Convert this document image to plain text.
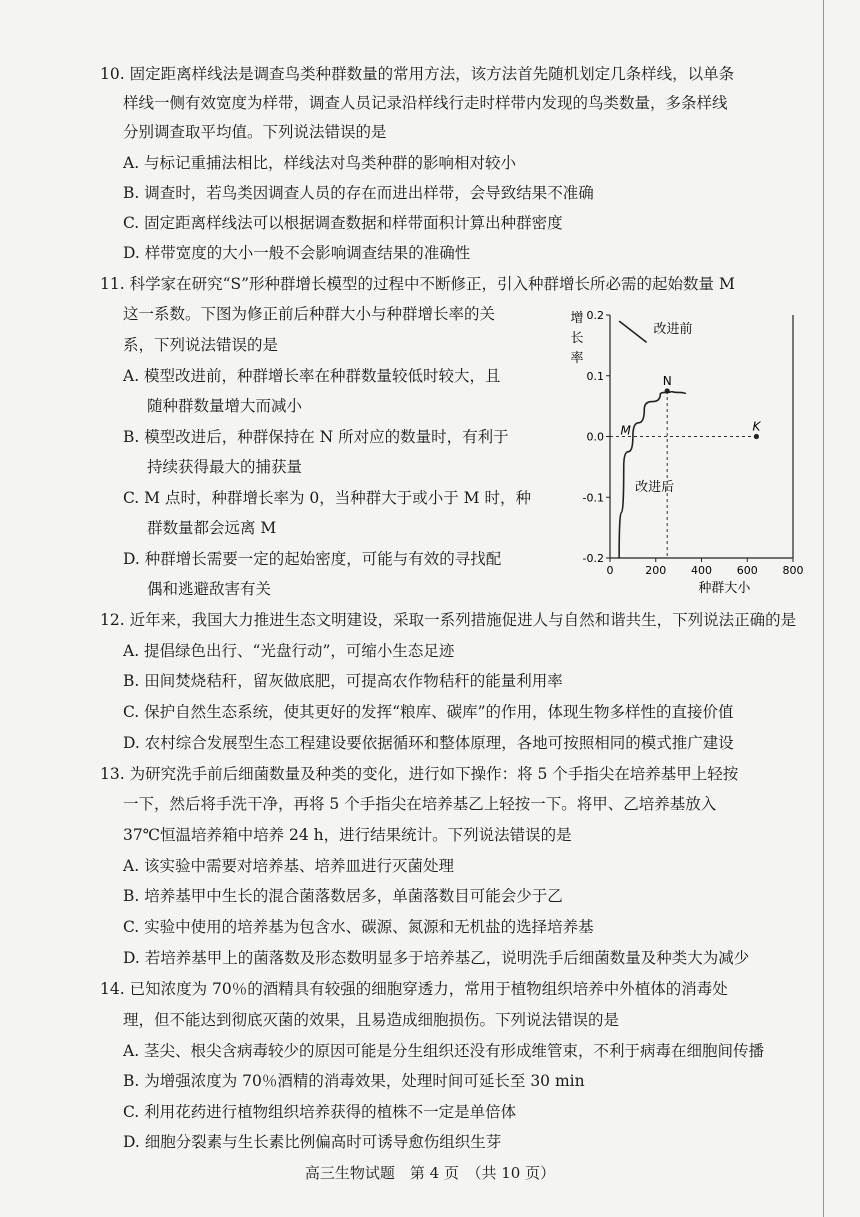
10. 固定距离样线法是调查鸟类种群数量的常用方法，该方法首先随机划定几条样线，以单条
样线一侧有效宽度为样带，调查人员记录沿样线行走时样带内发现的鸟类数量，多条样线
分别调查取平均值。下列说法错误的是
A. 与标记重捕法相比，样线法对鸟类种群的影响相对较小
B. 调查时，若鸟类因调查人员的存在而进出样带，会导致结果不准确
C. 固定距离样线法可以根据调查数据和样带面积计算出种群密度
D. 样带宽度的大小一般不会影响调查结果的准确性
11. 科学家在研究“S”形种群增长模型的过程中不断修正，引入种群增长所必需的起始数量 M
这一系数。下图为修正前后种群大小与种群增长率的关
系，下列说法错误的是
A. 模型改进前，种群增长率在种群数量较低时较大，且
随种群数量增大而减小
B. 模型改进后，种群保持在 N 所对应的数量时，有利于
持续获得最大的捕获量
C. M 点时，种群增长率为 0，当种群大于或小于 M 时，种
群数量都会远离 M
D. 种群增长需要一定的起始密度，可能与有效的寻找配
偶和逃避敌害有关
增
长
率
0.2
0.1
0.0
-0.1
-0.2
0	200 400 600 800
N
M	K
改进前
改进后
种群大小
12. 近年来，我国大力推进生态文明建设，采取一系列措施促进人与自然和谐共生，下列说法正确的是
A. 提倡绿色出行、“光盘行动”，可缩小生态足迹
B. 田间焚烧秸秆，留灰做底肥，可提高农作物秸秆的能量利用率
C. 保护自然生态系统，使其更好的发挥“粮库、碳库”的作用，体现生物多样性的直接价值
D. 农村综合发展型生态工程建设要依据循环和整体原理，各地可按照相同的模式推广建设
13. 为研究洗手前后细菌数量及种类的变化，进行如下操作：将 5 个手指尖在培养基甲上轻按
一下，然后将手洗干净，再将 5 个手指尖在培养基乙上轻按一下。将甲、乙培养基放入
37℃恒温培养箱中培养 24 h，进行结果统计。下列说法错误的是
A. 该实验中需要对培养基、培养皿进行灭菌处理
B. 培养基甲中生长的混合菌落数居多，单菌落数目可能会少于乙
C. 实验中使用的培养基为包含水、碳源、氮源和无机盐的选择培养基
D. 若培养基甲上的菌落数及形态数明显多于培养基乙，说明洗手后细菌数量及种类大为减少
14. 已知浓度为 70％的酒精具有较强的细胞穿透力，常用于植物组织培养中外植体的消毒处
理，但不能达到彻底灭菌的效果，且易造成细胞损伤。下列说法错误的是
A. 茎尖、根尖含病毒较少的原因可能是分生组织还没有形成维管束，不利于病毒在细胞间传播
B. 为增强浓度为 70％酒精的消毒效果，处理时间可延长至 30 min
C. 利用花药进行植物组织培养获得的植株不一定是单倍体
D. 细胞分裂素与生长素比例偏高时可诱导愈伤组织生芽
高三生物试题　第 4 页　（共 10 页）
